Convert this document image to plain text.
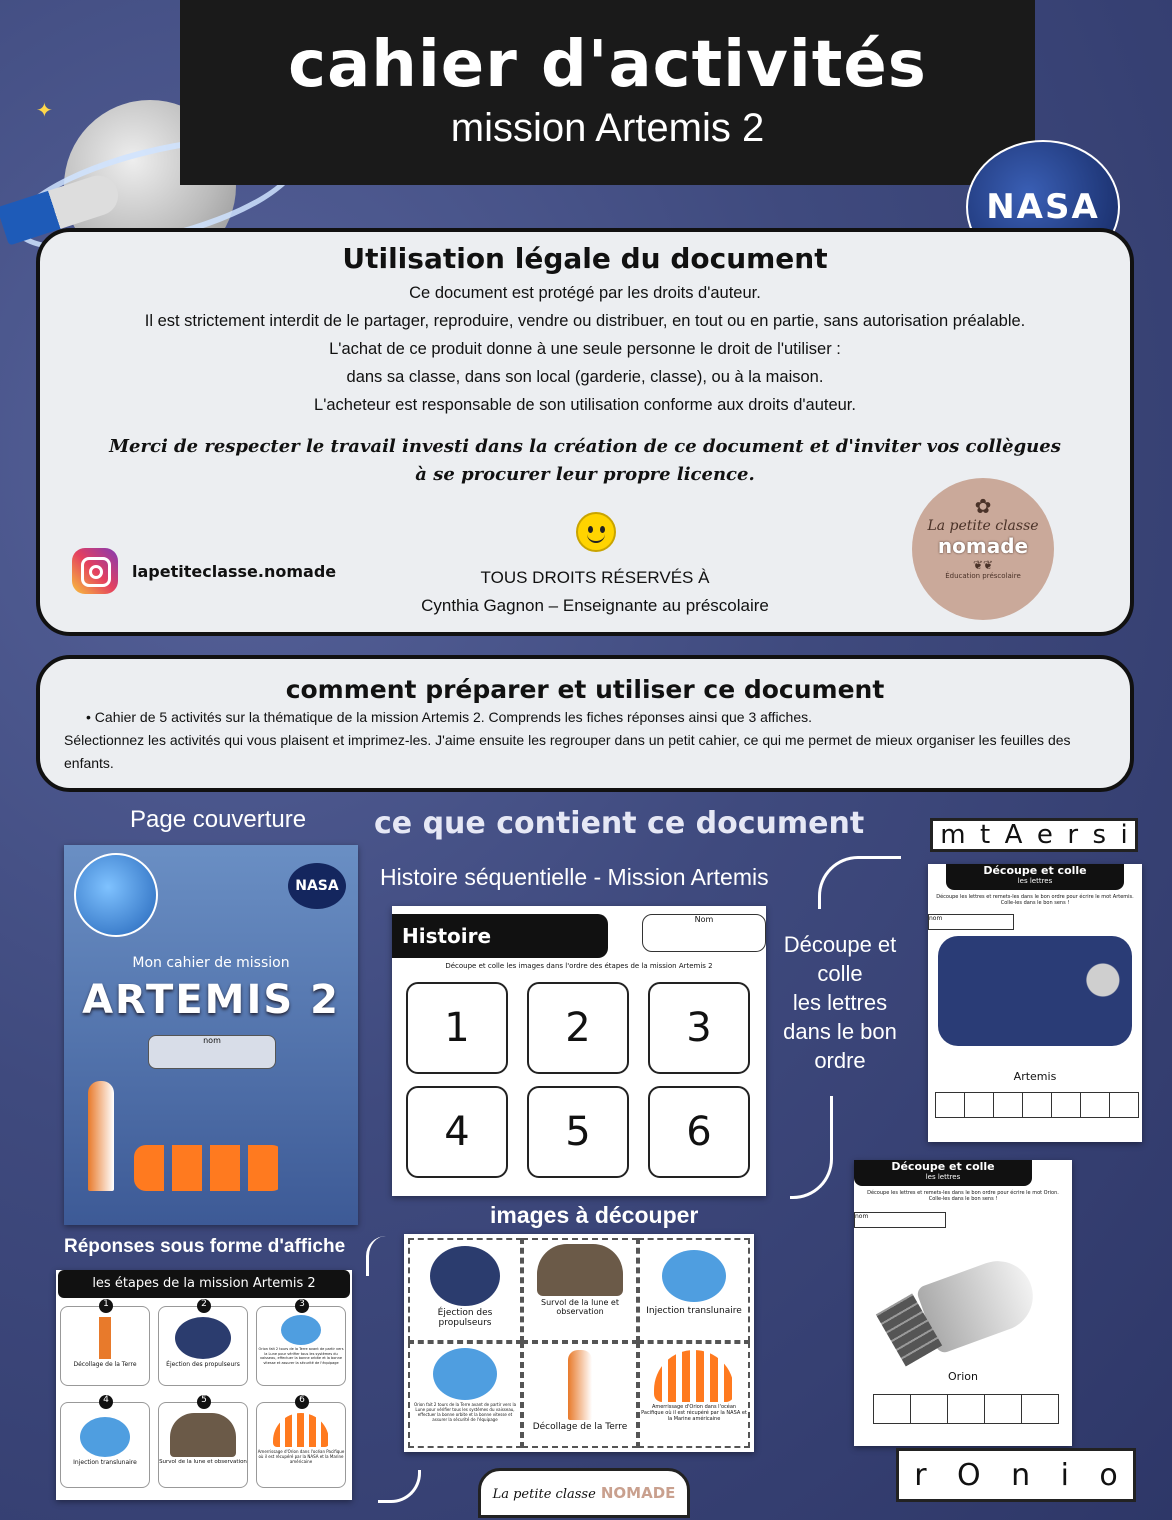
✦
cahier d'activités
mission Artemis 2
NASA
Utilisation légale du document

Ce document est protégé par les droits d'auteur.

Il est strictement interdit de le partager, reproduire, vendre ou distribuer, en tout ou en partie, sans autorisation préalable.

L'achat de ce produit donne à une seule personne le droit de l'utiliser :

dans sa classe, dans son local (garderie, classe), ou à la maison.

L'acheteur est responsable de son utilisation conforme aux droits d'auteur.

Merci de respecter le travail investi dans la création de ce document et d'inviter vos collègues

à se procurer leur propre licence.

lapetiteclasse.nomade	TOUS DROITS RÉSERVÉS À
Cynthia Gagnon – Enseignante au préscolaire
✿
La petite classe
nomade
❦❦
Éducation préscolaire
comment préparer et utiliser ce document

• Cahier de 5 activités sur la thématique de la mission Artemis 2. Comprends les fiches réponses ainsi que 3 affiches.

Sélectionnez les activités qui vous plaisent et imprimez-les. J'aime ensuite les regrouper dans un petit cahier, ce qui me permet de mieux organiser les feuilles des enfants.

ce que contient ce document
Page couverture
NASA
Mon cahier de mission
ARTEMIS 2
nom
Histoire séquentielle - Mission Artemis
Histoire séquentielle
Nom
Découpe et colle les images dans l'ordre des étapes de la mission Artemis 2
1	2	3
4	5	6
Découpe et
colle
les lettres
dans le bon
ordre
m t A e r s i
Découpe et colle
les lettres
Découpe les lettres et remets-les dans le bon ordre pour écrire le mot Artemis. Colle-les dans le bon sens !
nom
Artemis
Découpe et colle
les lettres
Découpe les lettres et remets-les dans le bon ordre pour écrire le mot Orion. Colle-les dans le bon sens !
nom
Orion
r O n i o
images à découper
Éjection des propulseurs
Survol de la lune et observation	Injection translunaire
Orion fait 2 tours de la Terre avant de partir vers la Lune pour vérifier tous les systèmes du vaisseau, effectuer la bonne orbite et la bonne vitesse et assurer la sécurité de l'équipage
Décollage de la Terre
Amerrissage d'Orion dans l'océan Pacifique où il est récupéré par la NASA et la Marine américaine
Réponses sous forme d'affiche
les étapes de la mission Artemis 2
1
Décollage de la Terre
2
Éjection des propulseurs
3
Orion fait 2 tours de la Terre avant de partir vers la Lune pour vérifier tous les systèmes du vaisseau, effectuer la bonne orbite et la bonne vitesse et assurer la sécurité de l'équipage
4
Injection translunaire
5
Survol de la lune et observation
6
Amerrissage d'Orion dans l'océan Pacifique où il est récupéré par la NASA et la Marine américaine
La petite classe NOMADE
